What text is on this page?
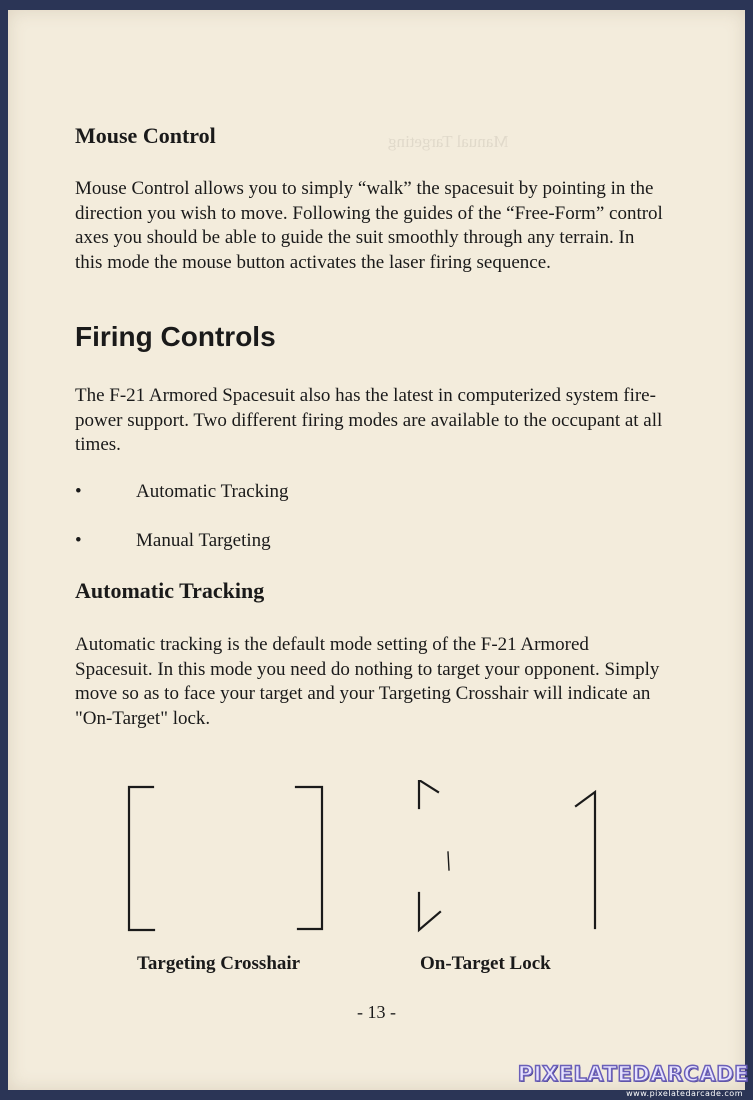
Manual Targeting
Mouse Control

Mouse Control allows you to simply “walk” the spacesuit by pointing in the direction you wish to move. Following the guides of the “Free-Form” control axes you should be able to guide the suit smoothly through any terrain. In this mode the mouse button activates the laser firing sequence.

Firing Controls

The F-21 Armored Spacesuit also has the latest in computerized system fire-power support. Two different firing modes are available to the occupant at all times.

•	Automatic Tracking
•	Manual Targeting
Automatic Tracking

Automatic tracking is the default mode setting of the F-21 Armored Spacesuit. In this mode you need do nothing to target your opponent. Simply move so as to face your target and your Targeting Crosshair will indicate an "On-Target" lock.

Targeting Crosshair	On-Target Lock

- 13 -
PIXELATEDARCADE
www.pixelatedarcade.com
